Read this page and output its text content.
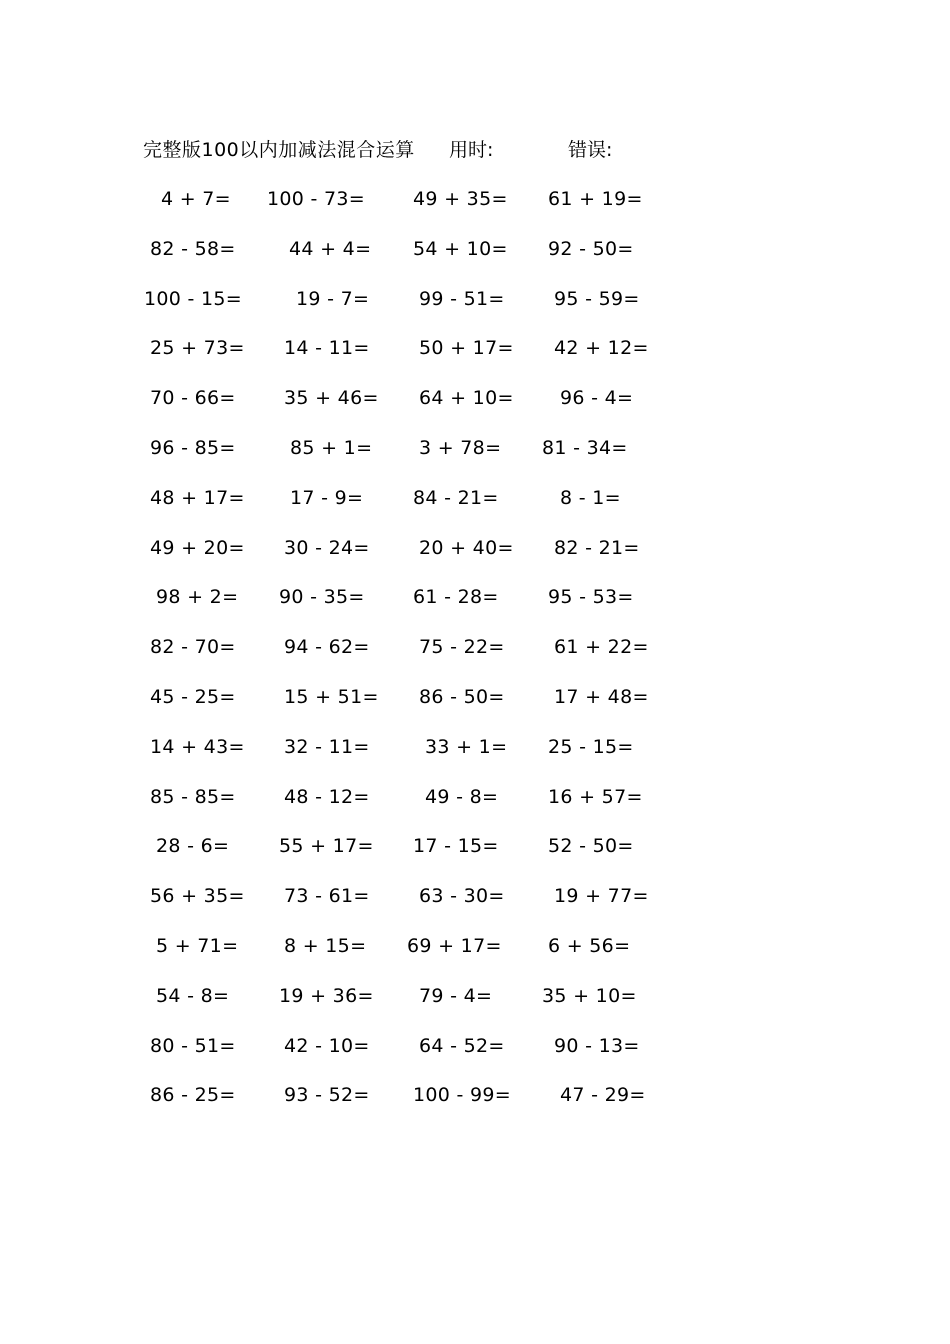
完整版100以内加减法混合运算 用时:	错误:
4 + 7= 100 - 73=	49 + 35= 61 + 19=
82 - 58=	44 + 4= 54 + 10= 92 - 50=
100 - 15=	19 - 7=	99 - 51=	95 - 59=
25 + 73= 14 - 11=	50 + 17= 42 + 12=
70 - 66=	35 + 46= 64 + 10= 96 - 4=
96 - 85=	85 + 1= 3 + 78= 81 - 34=
48 + 17= 17 - 9=	84 - 21=	8 - 1=
49 + 20= 30 - 24=	20 + 40= 82 - 21=
98 + 2= 90 - 35=	61 - 28=	95 - 53=
82 - 70=	94 - 62=	75 - 22=	61 + 22=
45 - 25=	15 + 51= 86 - 50=	17 + 48=
14 + 43= 32 - 11=	33 + 1= 25 - 15=
85 - 85=	48 - 12=	49 - 8=	16 + 57=
28 - 6=	55 + 17= 17 - 15=	52 - 50=
56 + 35= 73 - 61=	63 - 30=	19 + 77=
5 + 71= 8 + 15= 69 + 17= 6 + 56=
54 - 8=	19 + 36= 79 - 4=	35 + 10=
80 - 51=	42 - 10=	64 - 52=	90 - 13=
86 - 25=	93 - 52= 100 - 99=	47 - 29=
